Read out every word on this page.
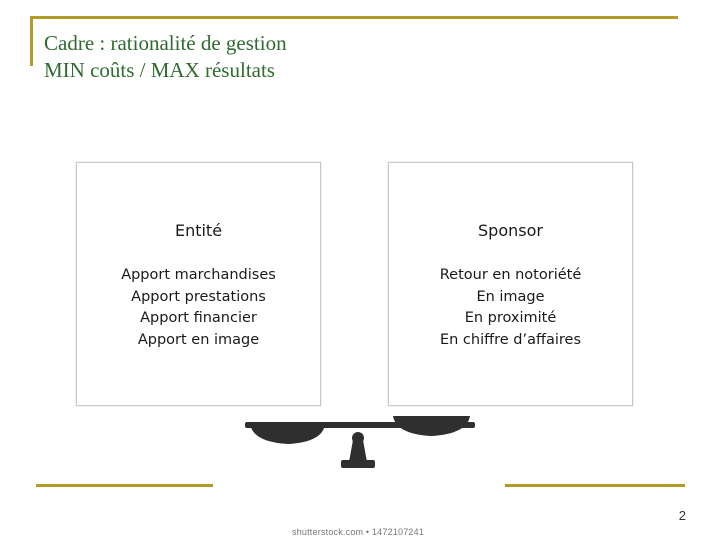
Cadre : rationalité de gestion
MIN coûts / MAX résultats
Entité
Apport marchandises
Apport prestations
Apport financier
Apport en image
Sponsor
Retour en notoriété
En image
En proximité
En chiffre d’affaires
2
shutterstock.com • 1472107241
